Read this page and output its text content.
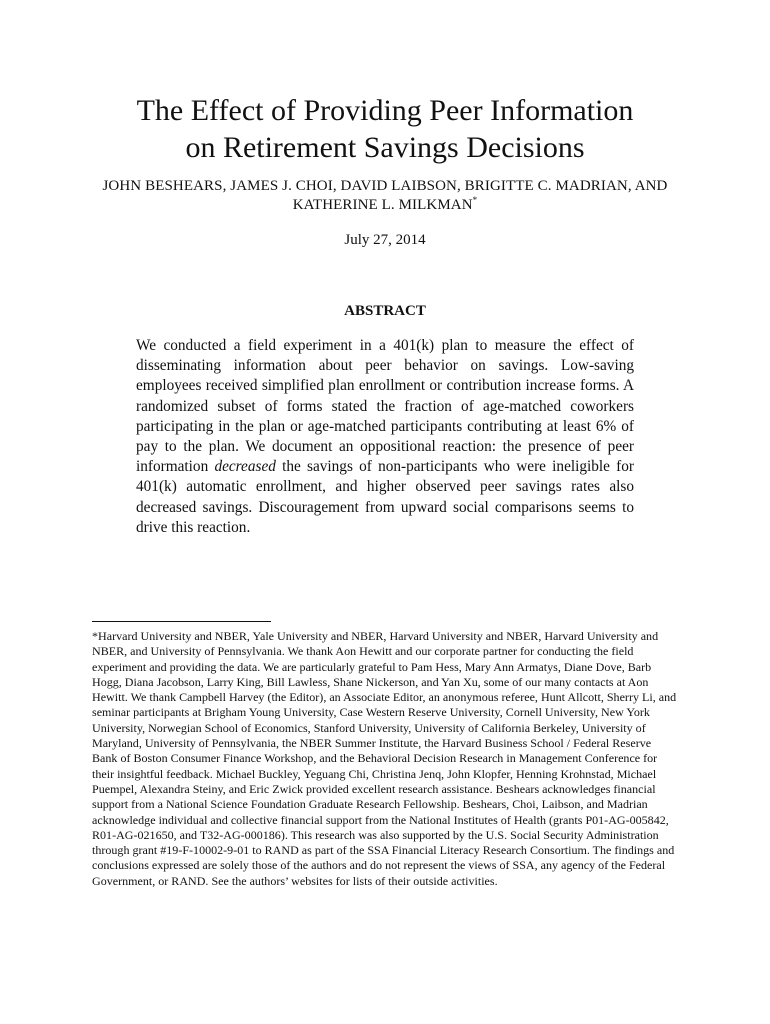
The Effect of Providing Peer Information
on Retirement Savings Decisions

JOHN BESHEARS, JAMES J. CHOI, DAVID LAIBSON, BRIGITTE C. MADRIAN, AND
KATHERINE L. MILKMAN*

July 27, 2014

ABSTRACT

We conducted a field experiment in a 401(k) plan to measure the effect of disseminating information about peer behavior on savings. Low-saving employees received simplified plan enrollment or contribution increase forms. A randomized subset of forms stated the fraction of age-matched coworkers participating in the plan or age-matched participants contributing at least 6% of pay to the plan. We document an oppositional reaction: the presence of peer information decreased the savings of non-participants who were ineligible for 401(k) automatic enrollment, and higher observed peer savings rates also decreased savings. Discouragement from upward social comparisons seems to drive this reaction.

*Harvard University and NBER, Yale University and NBER, Harvard University and NBER, Harvard University and NBER, and University of Pennsylvania. We thank Aon Hewitt and our corporate partner for conducting the field experiment and providing the data. We are particularly grateful to Pam Hess, Mary Ann Armatys, Diane Dove, Barb Hogg, Diana Jacobson, Larry King, Bill Lawless, Shane Nickerson, and Yan Xu, some of our many contacts at Aon Hewitt. We thank Campbell Harvey (the Editor), an Associate Editor, an anonymous referee, Hunt Allcott, Sherry Li, and seminar participants at Brigham Young University, Case Western Reserve University, Cornell University, New York University, Norwegian School of Economics, Stanford University, University of California Berkeley, University of Maryland, University of Pennsylvania, the NBER Summer Institute, the Harvard Business School / Federal Reserve Bank of Boston Consumer Finance Workshop, and the Behavioral Decision Research in Management Conference for their insightful feedback. Michael Buckley, Yeguang Chi, Christina Jenq, John Klopfer, Henning Krohnstad, Michael Puempel, Alexandra Steiny, and Eric Zwick provided excellent research assistance. Beshears acknowledges financial support from a National Science Foundation Graduate Research Fellowship. Beshears, Choi, Laibson, and Madrian acknowledge individual and collective financial support from the National Institutes of Health (grants P01-AG-005842, R01-AG-021650, and T32-AG-000186). This research was also supported by the U.S. Social Security Administration through grant #19-F-10002-9-01 to RAND as part of the SSA Financial Literacy Research Consortium. The findings and conclusions expressed are solely those of the authors and do not represent the views of SSA, any agency of the Federal Government, or RAND. See the authors’ websites for lists of their outside activities.
